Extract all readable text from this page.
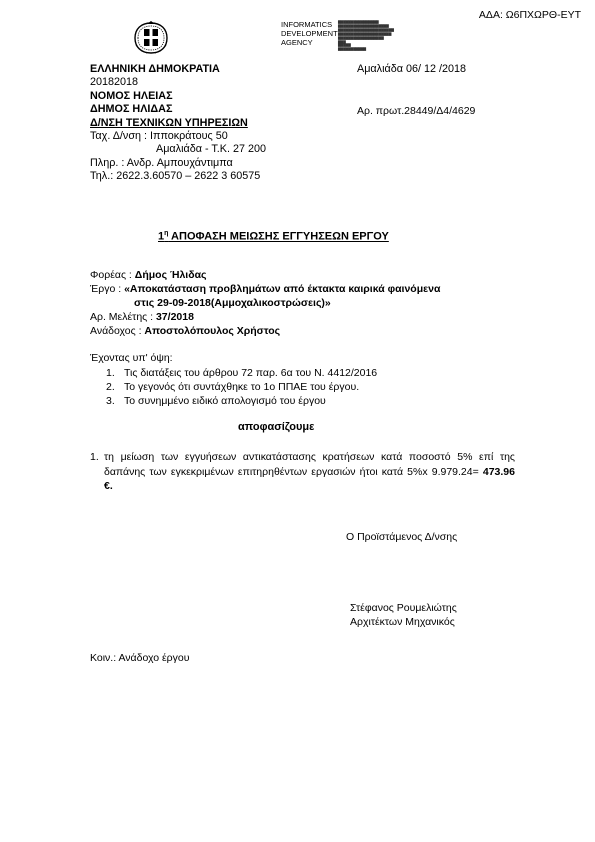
ΑΔΑ: Ω6ΠΧΩΡΘ-ΕΥΤ
INFORMATICS
DEVELOPMENT
AGENCY
▇▇▇▇▇▇▇▇▇▇▇▇▇▇▇▇
▇▇▇▇▇▇▇▇▇▇▇▇▇▇▇▇▇▇▇▇
▇▇▇▇▇▇▇▇▇▇▇▇▇▇▇▇▇▇▇▇▇▇
▇▇▇▇▇▇▇▇▇▇▇▇▇▇▇▇▇▇▇▇▇
▇▇▇▇▇▇▇▇▇▇▇▇▇▇▇▇▇▇
▇▇▇
▇▇▇▇▇
▇▇▇▇▇▇▇▇▇▇▇
ΕΛΛΗΝΙΚΗ ΔΗΜΟΚΡΑΤΙΑ
20182018
ΝΟΜΟΣ ΗΛΕΙΑΣ
ΔΗΜΟΣ ΗΛΙΔΑΣ
Δ/ΝΣΗ ΤΕΧΝΙΚΩΝ ΥΠΗΡΕΣΙΩΝ
Ταχ. Δ/νση : Ιπποκράτους 50
Αμαλιάδα - Τ.Κ. 27 200
Πληρ. : Ανδρ. Αμπουχάντιμπα
Τηλ.: 2622.3.60570 – 2622 3 60575
Αμαλιάδα 06/ 12 /2018
Αρ. πρωτ.28449/Δ4/4629
$1^\eta$ ΑΠΟΦΑΣΗ ΜΕΙΩΣΗΣ ΕΓΓΥΗΣΕΩΝ ΕΡΓΟΥ
Φορέας : Δήμος Ήλιδας
Έργο : «Αποκατάσταση προβλημάτων από έκτακτα καιρικά φαινόμενα
στις 29-09-2018(Αμμοχαλικοστρώσεις)»
Αρ. Μελέτης : 37/2018
Ανάδοχος : Αποστολόπουλος Χρήστος
Έχοντας υπ' όψη:
1. Τις διατάξεις του άρθρου 72 παρ. 6α του Ν. 4412/2016
2. Το γεγονός ότι συντάχθηκε το 1ο ΠΠΑΕ του έργου.
3. Το συνημμένο ειδικό απολογισμό του έργου
αποφασίζουμε
1. τη μείωση των εγγυήσεων αντικατάστασης κρατήσεων κατά ποσοστό 5% επί της δαπάνης των εγκεκριμένων επιτηρηθέντων εργασιών ήτοι κατά 5%x 9.979.24= 473.96 €.
Ο Προϊστάμενος Δ/νσης
Στέφανος Ρουμελιώτης
Αρχιτέκτων Μηχανικός
Κοιν.: Ανάδοχο έργου
